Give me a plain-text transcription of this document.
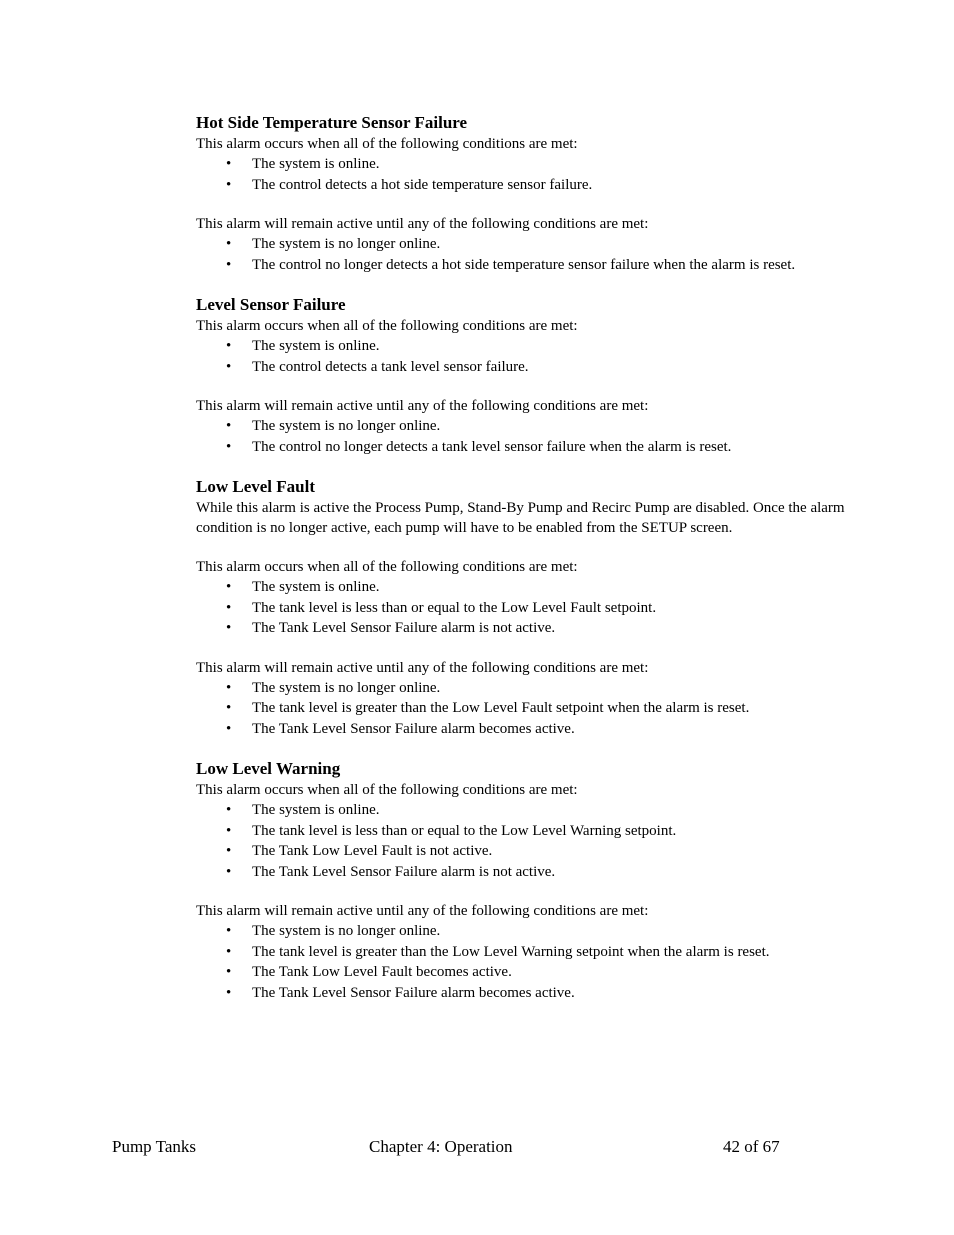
Hot Side Temperature Sensor Failure

This alarm occurs when all of the following conditions are met:

• The system is online.
• The control detects a hot side temperature sensor failure.

This alarm will remain active until any of the following conditions are met:

• The system is no longer online.
• The control no longer detects a hot side temperature sensor failure when the alarm is reset.
Level Sensor Failure

This alarm occurs when all of the following conditions are met:

• The system is online.
• The control detects a tank level sensor failure.

This alarm will remain active until any of the following conditions are met:

• The system is no longer online.
• The control no longer detects a tank level sensor failure when the alarm is reset.
Low Level Fault

While this alarm is active the Process Pump, Stand-By Pump and Recirc Pump are disabled. Once the alarm condition is no longer active, each pump will have to be enabled from the SETUP screen.

This alarm occurs when all of the following conditions are met:

• The system is online.
• The tank level is less than or equal to the Low Level Fault setpoint.
• The Tank Level Sensor Failure alarm is not active.

This alarm will remain active until any of the following conditions are met:

• The system is no longer online.
• The tank level is greater than the Low Level Fault setpoint when the alarm is reset.
• The Tank Level Sensor Failure alarm becomes active.
Low Level Warning

This alarm occurs when all of the following conditions are met:

• The system is online.
• The tank level is less than or equal to the Low Level Warning setpoint.
• The Tank Low Level Fault is not active.
• The Tank Level Sensor Failure alarm is not active.

This alarm will remain active until any of the following conditions are met:

• The system is no longer online.
• The tank level is greater than the Low Level Warning setpoint when the alarm is reset.
• The Tank Low Level Fault becomes active.
• The Tank Level Sensor Failure alarm becomes active.
Pump Tanks	Chapter 4: Operation	42 of 67
